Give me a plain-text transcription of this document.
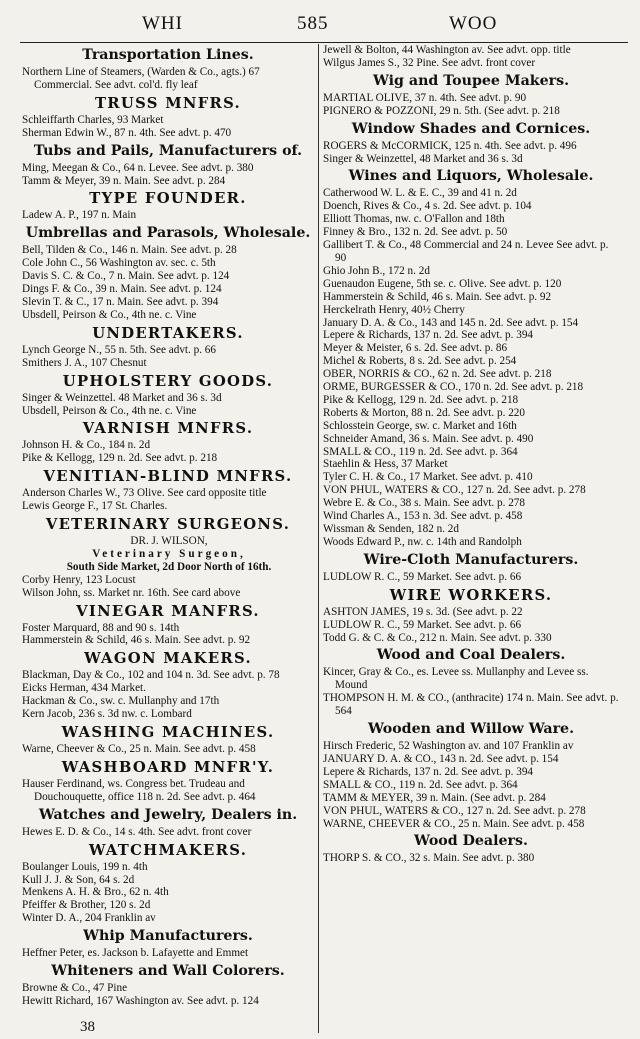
WHI	585	WOO
Transportation Lines.
Northern Line of Steamers, (Warden & Co., agts.) 67 Commercial. See advt. col'd. fly leaf
TRUSS MNFRS.
Schleiffarth Charles, 93 Market
Sherman Edwin W., 87 n. 4th. See advt. p. 470
Tubs and Pails, Manufacturers of.
Ming, Meegan & Co., 64 n. Levee. See advt. p. 380
Tamm & Meyer, 39 n. Main. See advt. p. 284
TYPE FOUNDER.
Ladew A. P., 197 n. Main
Umbrellas and Parasols, Wholesale.
Bell, Tilden & Co., 146 n. Main. See advt. p. 28
Cole John C., 56 Washington av. sec. c. 5th
Davis S. C. & Co., 7 n. Main. See advt. p. 124
Dings F. & Co., 39 n. Main. See advt. p. 124
Slevin T. & C., 17 n. Main. See advt. p. 394
Ubsdell, Peirson & Co., 4th ne. c. Vine
UNDERTAKERS.
Lynch George N., 55 n. 5th. See advt. p. 66
Smithers J. A., 107 Chesnut
UPHOLSTERY GOODS.
Singer & Weinzettel. 48 Market and 36 s. 3d
Ubsdell, Peirson & Co., 4th ne. c. Vine
VARNISH MNFRS.
Johnson H. & Co., 184 n. 2d
Pike & Kellogg, 129 n. 2d. See advt. p. 218
VENITIAN-BLIND MNFRS.
Anderson Charles W., 73 Olive. See card opposite title
Lewis George F., 17 St. Charles.
VETERINARY SURGEONS.
DR. J. WILSON,
Veterinary Surgeon,
South Side Market, 2d Door North of 16th.
Corby Henry, 123 Locust
Wilson John, ss. Market nr. 16th. See card above
VINEGAR MANFRS.
Foster Marquard, 88 and 90 s. 14th
Hammerstein & Schild, 46 s. Main. See advt. p. 92
WAGON MAKERS.
Blackman, Day & Co., 102 and 104 n. 3d. See advt. p. 78
Eicks Herman, 434 Market.
Hackman & Co., sw. c. Mullanphy and 17th
Kern Jacob, 236 s. 3d nw. c. Lombard
WASHING MACHINES.
Warne, Cheever & Co., 25 n. Main. See advt. p. 458
WASHBOARD MNFR'Y.
Hauser Ferdinand, ws. Congress bet. Trudeau and Douchouquette, office 118 n. 2d. See advt. p. 464
Watches and Jewelry, Dealers in.
Hewes E. D. & Co., 14 s. 4th. See advt. front cover
WATCHMAKERS.
Boulanger Louis, 199 n. 4th
Kull J. J. & Son, 64 s. 2d
Menkens A. H. & Bro., 62 n. 4th
Pfeiffer & Brother, 120 s. 2d
Winter D. A., 204 Franklin av
Whip Manufacturers.
Heffner Peter, es. Jackson b. Lafayette and Emmet
Whiteners and Wall Colorers.
Browne & Co., 47 Pine
Hewitt Richard, 167 Washington av. See advt. p. 124
Jewell & Bolton, 44 Washington av. See advt. opp. title
Wilgus James S., 32 Pine. See advt. front cover
Wig and Toupee Makers.
MARTIAL OLIVE, 37 n. 4th. See advt. p. 90
PIGNERO & POZZONI, 29 n. 5th. (See advt. p. 218
Window Shades and Cornices.
ROGERS & McCORMICK, 125 n. 4th. See advt. p. 496
Singer & Weinzettel, 48 Market and 36 s. 3d
Wines and Liquors, Wholesale.
Catherwood W. L. & E. C., 39 and 41 n. 2d
Doench, Rives & Co., 4 s. 2d. See advt. p. 104
Elliott Thomas, nw. c. O'Fallon and 18th
Finney & Bro., 132 n. 2d. See advt. p. 50
Gallibert T. & Co., 48 Commercial and 24 n. Levee See advt. p. 90
Ghio John B., 172 n. 2d
Guenaudon Eugene, 5th se. c. Olive. See advt. p. 120
Hammerstein & Schild, 46 s. Main. See advt. p. 92
Herckelrath Henry, 40½ Cherry
January D. A. & Co., 143 and 145 n. 2d. See advt. p. 154
Lepere & Richards, 137 n. 2d. See advt. p. 394
Meyer & Meister, 6 s. 2d. See advt. p. 86
Michel & Roberts, 8 s. 2d. See advt. p. 254
OBER, NORRIS & CO., 62 n. 2d. See advt. p. 218
ORME, BURGESSER & CO., 170 n. 2d. See advt. p. 218
Pike & Kellogg, 129 n. 2d. See advt. p. 218
Roberts & Morton, 88 n. 2d. See advt. p. 220
Schlosstein George, sw. c. Market and 16th
Schneider Amand, 36 s. Main. See advt. p. 490
SMALL & CO., 119 n. 2d. See advt. p. 364
Staehlin & Hess, 37 Market
Tyler C. H. & Co., 17 Market. See advt. p. 410
VON PHUL, WATERS & CO., 127 n. 2d. See advt. p. 278
Webre E. & Co., 38 s. Main. See advt. p. 278
Wind Charles A., 153 n. 3d. See advt. p. 458
Wissman & Senden, 182 n. 2d
Woods Edward P., nw. c. 14th and Randolph
Wire-Cloth Manufacturers.
LUDLOW R. C., 59 Market. See advt. p. 66
WIRE WORKERS.
ASHTON JAMES, 19 s. 3d. (See advt. p. 22
LUDLOW R. C., 59 Market. See advt. p. 66
Todd G. & C. & Co., 212 n. Main. See advt. p. 330
Wood and Coal Dealers.
Kincer, Gray & Co., es. Levee ss. Mullanphy and Levee ss. Mound
THOMPSON H. M. & CO., (anthracite) 174 n. Main. See advt. p. 564
Wooden and Willow Ware.
Hirsch Frederic, 52 Washington av. and 107 Franklin av
JANUARY D. A. & CO., 143 n. 2d. See advt. p. 154
Lepere & Richards, 137 n. 2d. See advt. p. 394
SMALL & CO., 119 n. 2d. See advt. p. 364
TAMM & MEYER, 39 n. Main. (See advt. p. 284
VON PHUL, WATERS & CO., 127 n. 2d. See advt. p. 278
WARNE, CHEEVER & CO., 25 n. Main. See advt. p. 458
Wood Dealers.
THORP S. & CO., 32 s. Main. See advt. p. 380
38
